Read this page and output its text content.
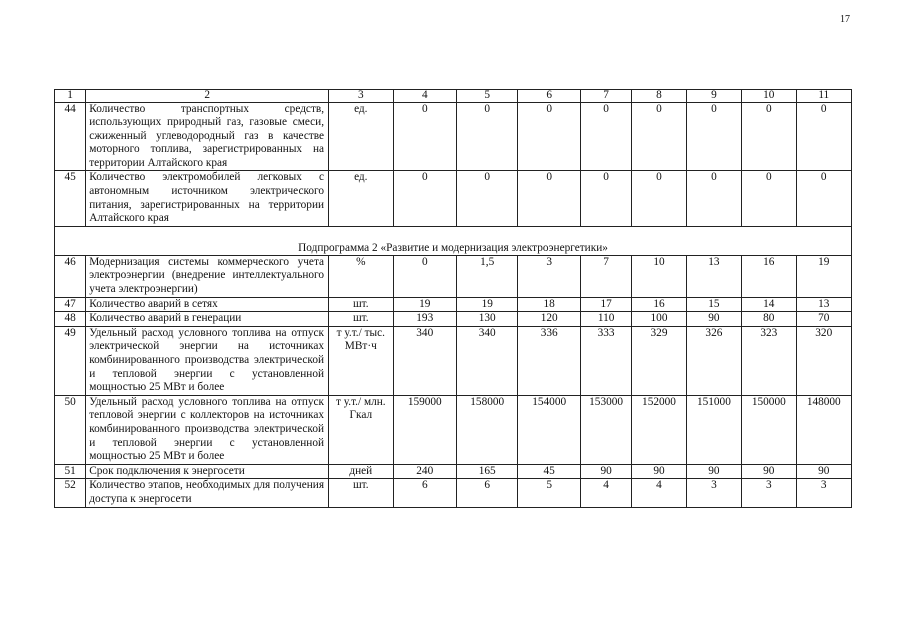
17
1	2	3	4	5	6	7	8	9	10	11
44	Количество транспортных средств, использующих природный газ, газовые смеси, сжиженный углеводородный газ в качестве моторного топлива, зарегистрированных на территории Алтайского края	ед.	0	0	0	0	0	0	0	0
45	Количество электромобилей легковых с автономным источником электрического питания, зарегистрированных на территории Алтайского края	ед.	0	0	0	0	0	0	0	0

Подпрограмма 2 «Развитие и модернизация электроэнергетики»										
46	Модернизация системы коммерческого учета электроэнергии (внедрение интеллектуального учета электроэнергии)	%	0	1,5	3	7	10	13	16	19
47	Количество аварий в сетях	шт.	19	19	18	17	16	15	14	13
48	Количество аварий в генерации	шт.	193	130	120	110	100	90	80	70
49	Удельный расход условного топлива на отпуск электрической энергии на источниках комбинированного производства электрической и тепловой энергии с установленной мощностью 25 МВт и более	т у.т./ тыс. МВт·ч	340	340	336	333	329	326	323	320
50	Удельный расход условного топлива на отпуск тепловой энергии с коллекторов на источниках комбинированного производства электрической и тепловой энергии с установленной мощностью 25 МВт и более	т у.т./ млн. Гкал	159000	158000	154000	153000	152000	151000	150000	148000
51	Срок подключения к энергосети	дней	240	165	45	90	90	90	90	90
52	Количество этапов, необходимых для получения доступа к энергосети	шт.	6	6	5	4	4	3	3	3
